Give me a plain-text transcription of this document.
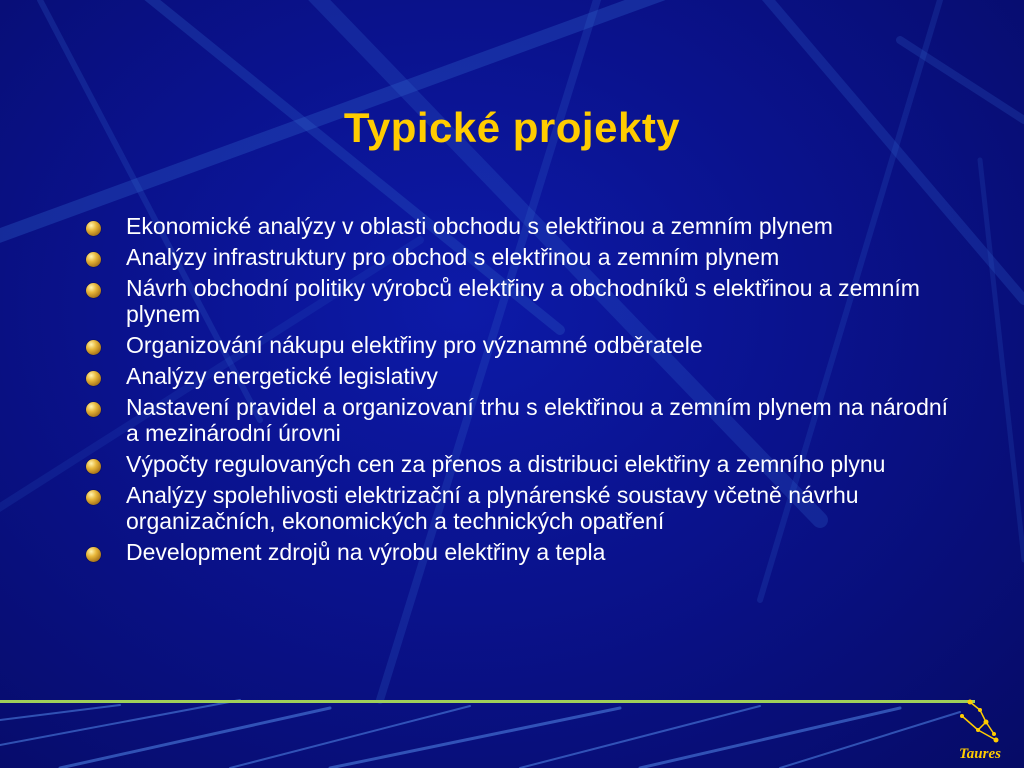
Typické projekty
Ekonomické analýzy v oblasti obchodu s elektřinou a zemním plynem
Analýzy infrastruktury pro obchod s elektřinou a zemním plynem
Návrh obchodní politiky výrobců elektřiny a obchodníků s elektřinou a zemním plynem
Organizování nákupu elektřiny pro významné odběratele
Analýzy energetické legislativy
Nastavení pravidel a organizovaní trhu s elektřinou a zemním plynem na národní a mezinárodní úrovni
Výpočty regulovaných cen za přenos a distribuci elektřiny a zemního plynu
Analýzy spolehlivosti elektrizační a plynárenské soustavy včetně návrhu organizačních, ekonomických a technických opatření
Development zdrojů na výrobu elektřiny a tepla
Taures
